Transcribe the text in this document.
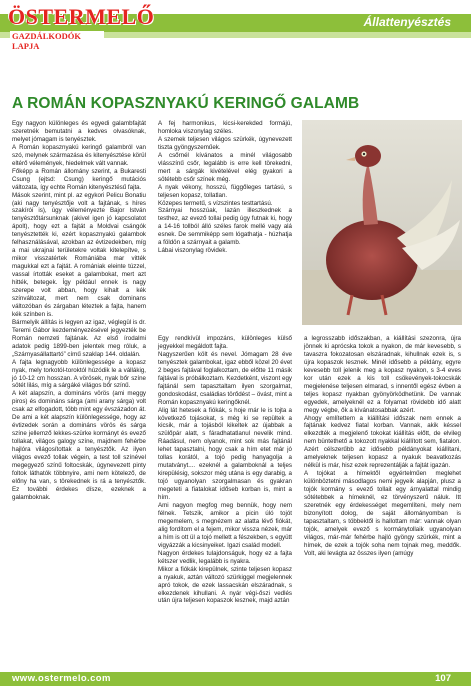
ÖSTERMELŐ
GAZDÁLKODÓK LAPJA
Állattenyésztés
A ROMÁN KOPASZNYAKÚ KERINGŐ GALAMB

Egy nagyon különleges és egyedi galambfajtát szeretnék bemutatni a kedves olvasóknak, melyet jómagam is tenyésztek.

A Román kopasznyakú keringő galambról van szó, melynek származása és kitenyésztése körül eltérő vélemények, hiedelmek vált vannak.

Főképp a Román állomány szerint, a Bukaresti Csung (ejtsd: Csung) keringő mutációs változata, így echte Román kitenyésztésű fajta.

Mások szerint, mint pl. az egykori Pelicu Bonatiu (aki nagy tenyésztője volt a fajtának, s híres szakírói is), úgy véleményezte Bajor István tenyésztőtársunknak (akivel igen jó kapcsolatot ápolt), hogy ezt a fajtát a Moldvai csángók tenyésztették ki, ezért kopasznyakú galambok felhasználásával, azokban az évtizedekben, míg a mai ukrajnai területekre voltak kitelepítve, s mikor visszatértek Romániába mar vitték magukkal ezt a fajtát. A romániak eleinte túzzel, vassal írtották eseket a galambokat, mert azt hitték, betegek. Így például ennek is nagy szerepe volt abban, hogy kihalt a kék színváltozat, mert nem csak dominans változóban és zárgaban léteztek a fajta, hanem kék színben is.

Bármelyik állítás is legyen az igaz, véglegül is dr. Teremi Gábor kezdeményezésével jegyezték be Román nemzeti fajtának. Az első írodalmi adatok pedig 1899-ben jelentek meg róluk, a „Szárnyasállattartó” című szaklap 144. oldalán.

A fajta legnagyobb különlegessége a kopasz nyak, mely torkotól-toroktól húzódik le a vállákig, jó 10-12 cm hosszan. A vörösek, nyak bőr színe sötét lilás, míg a sárgáké világos bőr színű.

A két alapszín, a domináns vörös (ami meggy piros) és domináns sárga (ami arany sárga) volt csak az elfogadott, több mint egy évszázadon át. De ami a két alapszín különlegessége, hogy az évtizedek során a domináns vörös és sárga színe jellemző lekkes-szürke kormányt és evező tollakat, világos galogy színe, majdnem fehérbe hajlóra világosítottak a tenyésztők. Az ilyen világos evező tollak végein, a test toll színével megegyező színű foltocskák, úgynevezett pinty foltok láthatók többnyire, ami nem kötelező, de előny ha van, s törekednek is rá a tenyésztők. Ez további érdekes dísze, ezeknek a galamboknak.

A fej harmonikus, kicsi-kerekded formájú, homloka viszonylag széles.

A szemek teljesen világos szürkék, úgynevezett tiszta gyöngyszeműek.

A csőrnél kívánatos a minél világosabb vlásszínű csőr, legalább is erre kell törekedni, mert a sárgák kivételével elég gyakori a sötétebb csőr színek még.

A nyak vékony, hosszú, függőleges tartású, s teljesen kopasz, tollatlan.

Közepes termetű, s vízszintes testtartású.

Szárnyai hosszúak, lazán illeszkednek a testhez, az evező tollai pedig úgy futnak ki, hogy a 14-16 tollból álló széles farok mellé vagy alá esnek. De semmiképp sem lógathatja - húzhatja a földön a szárnyait a galamb.

Lábai viszonylag rövidek.

Egy rendkívül impozáns, különleges külső jegyekkel megáldott fajta.

Nagyszerűen költ és nevel. Jómagam 28 éve tenyésztek galambokat, igaz ebből közel 20 évet 2 beges fajtával foglalkoztam, de előtte 11 másik fajtával is próbálkoztam. Kezdetként, viszont egy fajtánál sem tapasztaltam ilyen szorgalmat, gondoskodást, családias törődést – övást, mint a Román kopasznyakú keringőknél.

Alig lát hetesek a fiókák, s hoje már le is tojta a következő tojásokat, s még ki se repültek a kicsik, már a tojásból kikeltek az újabbak a szülőpár alatt, s fáradhatatlanul nevelik mind. Ráadásul, nem olyanok, mint sok más fajtánál lehet tapasztalni, hogy csak a hím etet már jó tollas korától, a tojó pedig hanyagolja a mutatványt.... ezeknél a galamboknál a teljes kirepülésig, sokszor még utána is egy darabig, a tojó ugyanolyan szorgalmasan és gyakran megeteti a fiatalokat időseb korban is, mint a hím.

Ami nagyon megfog meg bennük, hogy nem félnek. Tetszik, amikor a picin úló tojót megemelem, s megnézem az alatta lévő fiókát, alig fordítom el a fejem, mikor vissza nézek, már a hím is ott ül a tojó mellett a fészekben, s együtt vigyázzák a kicsinyeiket. Igazi család modell.

Nagyon érdekes tulajdonságuk, hogy ez a fajta kétszer vedlik, legalább is nyakra.

Mikor a fiókák kirepülnek, szinte teljesen kopasz a nyakuk, aztán változó szürkiggel megjelennek apró tokok, de ezek lassacskán elszáradnak, s elkezdenek kihullani. A nyár végi-őszi vedlés után újra teljesen kopaszok lesznek, majd aztán

a legrosszabb időszakban, a kiállítási szezonra, újra jönnek ki aprócska tokok a nyakon, de már kevesebb, s tavaszra fokozatosan elszáradnak, kihullnak ezek is, s újra kopaszok lesznek. Minél idősebb a példány, egyre kevesebb toll jelenik meg a kopasz nyakon, s 3-4 eves kor után ezek a kis toll csökevények-tokocskák megjelenése teljesen elmarad, s innentől egész évben a teljes kopasz nyakban gyönyörködhetünk. De vannak egyedek, amelyeknél ez a folyamat rövidebb idő alatt megy végbe, ők a kívánatosabbak azért.

Ahogy említettem a kiállítási időszak nem ennek a fajtának kedvez fiatal korban. Vannak, akik késsel elkezdték a megjelenő tokokat kiállítás előtt, de elvileg nem büntethető a tokozott nyakkal kiállított sem, fiatalon. Azért célszerűbb az idősebb példányokat kiállítani, amelyeknek teljesen kopasz a nyakuk beavatkozás nélkül is már, hisz ezek reprezentálják a fajtát igazán.

A tojókat a hímektől egyértelműen meglehet különböztetni másodlagos nemi jegyeik alapján, plusz a tojók kormány s evező tollait egy árnyalattal mindig sötétebbek a hímeknél, ez törvényszerű náluk. Itt szeretnék egy érdekességet megemlíteni, mely nem bizonyított dolog, de saját állományomban is tapasztaltam, s többektől is hallottam már: vannak olyan tojók, amelyek evező s kormánytollaik ugyanolyan világos, már-már fehérbe hajló gyöngy szürkék, mint a hímek, de ezek a tojók soha nem tojnak meg, meddők. Volt, aki levágta az összes ilyen (amúgy

www.ostermelo.com	107
